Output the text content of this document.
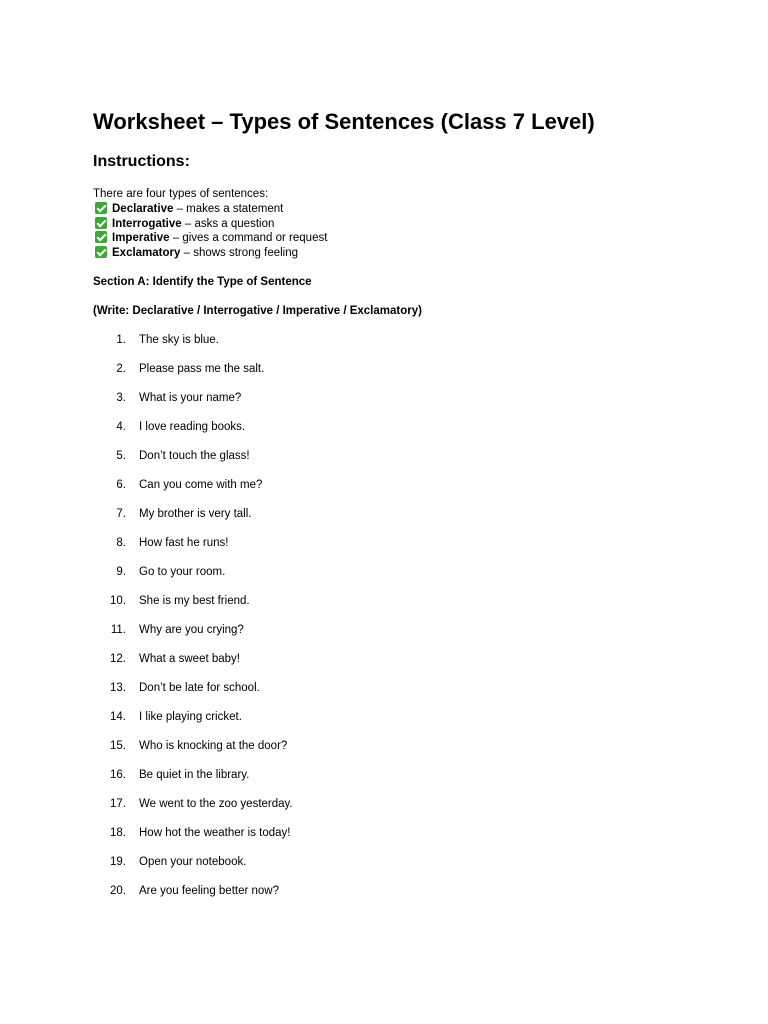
Worksheet – Types of Sentences (Class 7 Level)
Instructions:

There are four types of sentences:

Declarative – makes a statement
Interrogative – asks a question
Imperative – gives a command or request
Exclamatory – shows strong feeling

Section A: Identify the Type of Sentence

(Write: Declarative / Interrogative / Imperative / Exclamatory)

1. The sky is blue.
2. Please pass me the salt.
3. What is your name?
4. I love reading books.
5. Don’t touch the glass!
6. Can you come with me?
7. My brother is very tall.
8. How fast he runs!
9. Go to your room.
10. She is my best friend.
11. Why are you crying?
12. What a sweet baby!
13. Don’t be late for school.
14. I like playing cricket.
15. Who is knocking at the door?
16. Be quiet in the library.
17. We went to the zoo yesterday.
18. How hot the weather is today!
19. Open your notebook.
20. Are you feeling better now?
